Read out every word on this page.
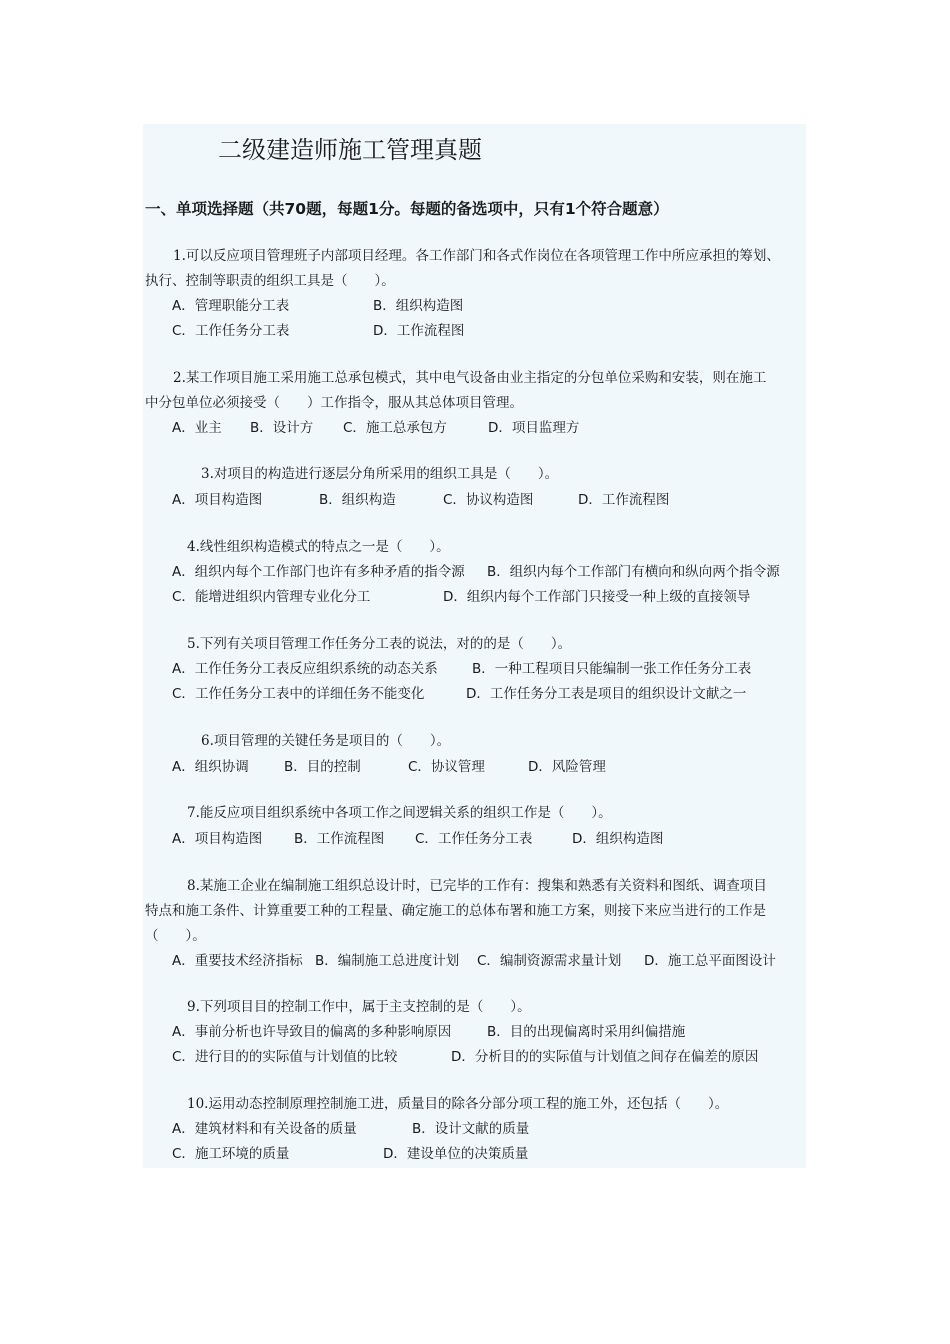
二级建造师施工管理真题
一、单项选择题（共70题，每题1分。每题的备选项中，只有1个符合题意）
1.可以反应项目管理班子内部项目经理。各工作部门和各式作岗位在各项管理工作中所应承担的筹划、
执行、控制等职责的组织工具是（　　）。
A．管理职能分工表	B．组织构造图
C．工作任务分工表	D．工作流程图
2.某工作项目施工采用施工总承包模式，其中电气设备由业主指定的分包单位采购和安装，则在施工
中分包单位必须接受（　　）工作指令，服从其总体项目管理。
A．业主 B．设计方 C．施工总承包方	D．项目监理方
3.对项目的构造进行逐层分角所采用的组织工具是（　　）。
A．项目构造图	B．组织构造	C．协议构造图	D．工作流程图
4.线性组织构造模式的特点之一是（　　）。
A．组织内每个工作部门也许有多种矛盾的指令源 B．组织内每个工作部门有横向和纵向两个指令源
C．能增进组织内管理专业化分工	D．组织内每个工作部门只接受一种上级的直接领导
5.下列有关项目管理工作任务分工表的说法，对的的是（　　）。
A．工作任务分工表反应组织系统的动态关系	B．一种工程项目只能编制一张工作任务分工表
C．工作任务分工表中的详细任务不能变化	D．工作任务分工表是项目的组织设计文献之一
6.项目管理的关键任务是项目的（　　）。
A．组织协调	B．目的控制	C．协议管理	D．风险管理
7.能反应项目组织系统中各项工作之间逻辑关系的组织工作是（　　）。
A．项目构造图 B．工作流程图 C．工作任务分工表	D．组织构造图
8.某施工企业在编制施工组织总设计时，已完毕的工作有：搜集和熟悉有关资料和图纸、调查项目
特点和施工条件、计算重要工种的工程量、确定施工的总体布署和施工方案，则接下来应当进行的工作是
（　　）。
A．重要技术经济指标 B．编制施工总进度计划 C．编制资源需求量计划 D．施工总平面图设计
9.下列项目目的控制工作中，属于主支控制的是（　　）。
A．事前分析也许导致目的偏离的多种影响原因	B．目的出现偏离时采用纠偏措施
C．进行目的的实际值与计划值的比较	D．分析目的的实际值与计划值之间存在偏差的原因
10.运用动态控制原理控制施工进，质量目的除各分部分项工程的施工外，还包括（　　）。
A．建筑材料和有关设备的质量	B．设计文献的质量
C．施工环境的质量	D．建设单位的决策质量
